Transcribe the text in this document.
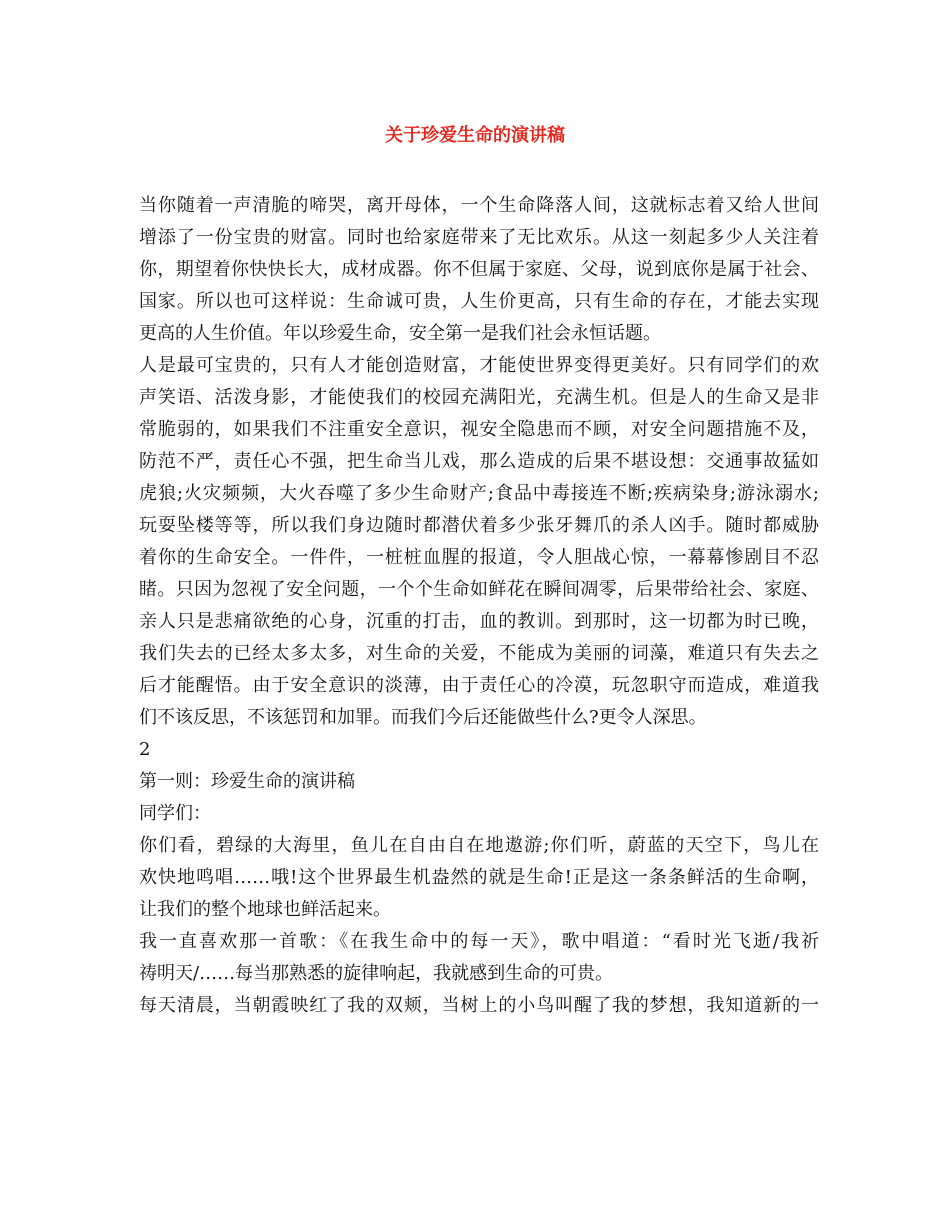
关于珍爱生命的演讲稿

当你随着一声清脆的啼哭，离开母体，一个生命降落人间，这就标志着又给人世间

增添了一份宝贵的财富。同时也给家庭带来了无比欢乐。从这一刻起多少人关注着

你，期望着你快快长大，成材成器。你不但属于家庭、父母，说到底你是属于社会、

国家。所以也可这样说：生命诚可贵，人生价更高，只有生命的存在，才能去实现

更高的人生价值。年以珍爱生命，安全第一是我们社会永恒话题。

人是最可宝贵的，只有人才能创造财富，才能使世界变得更美好。只有同学们的欢

声笑语、活泼身影，才能使我们的校园充满阳光，充满生机。但是人的生命又是非

常脆弱的，如果我们不注重安全意识，视安全隐患而不顾，对安全问题措施不及，

防范不严，责任心不强，把生命当儿戏，那么造成的后果不堪设想：交通事故猛如

虎狼;火灾频频，大火吞噬了多少生命财产;食品中毒接连不断;疾病染身;游泳溺水;

玩耍坠楼等等，所以我们身边随时都潜伏着多少张牙舞爪的杀人凶手。随时都威胁

着你的生命安全。一件件，一桩桩血腥的报道，令人胆战心惊，一幕幕惨剧目不忍

睹。只因为忽视了安全问题，一个个生命如鲜花在瞬间凋零，后果带给社会、家庭、

亲人只是悲痛欲绝的心身，沉重的打击，血的教训。到那时，这一切都为时已晚，

我们失去的已经太多太多，对生命的关爱，不能成为美丽的词藻，难道只有失去之

后才能醒悟。由于安全意识的淡薄，由于责任心的冷漠，玩忽职守而造成，难道我

们不该反思，不该惩罚和加罪。而我们今后还能做些什么?更令人深思。

2

第一则：珍爱生命的演讲稿

同学们：

你们看，碧绿的大海里，鱼儿在自由自在地遨游;你们听，蔚蓝的天空下，鸟儿在

欢快地鸣唱……哦!这个世界最生机盎然的就是生命!正是这一条条鲜活的生命啊，

让我们的整个地球也鲜活起来。

我一直喜欢那一首歌：《在我生命中的每一天》，歌中唱道：“看时光飞逝/我祈

祷明天/……每当那熟悉的旋律响起，我就感到生命的可贵。

每天清晨，当朝霞映红了我的双颊，当树上的小鸟叫醒了我的梦想，我知道新的一
